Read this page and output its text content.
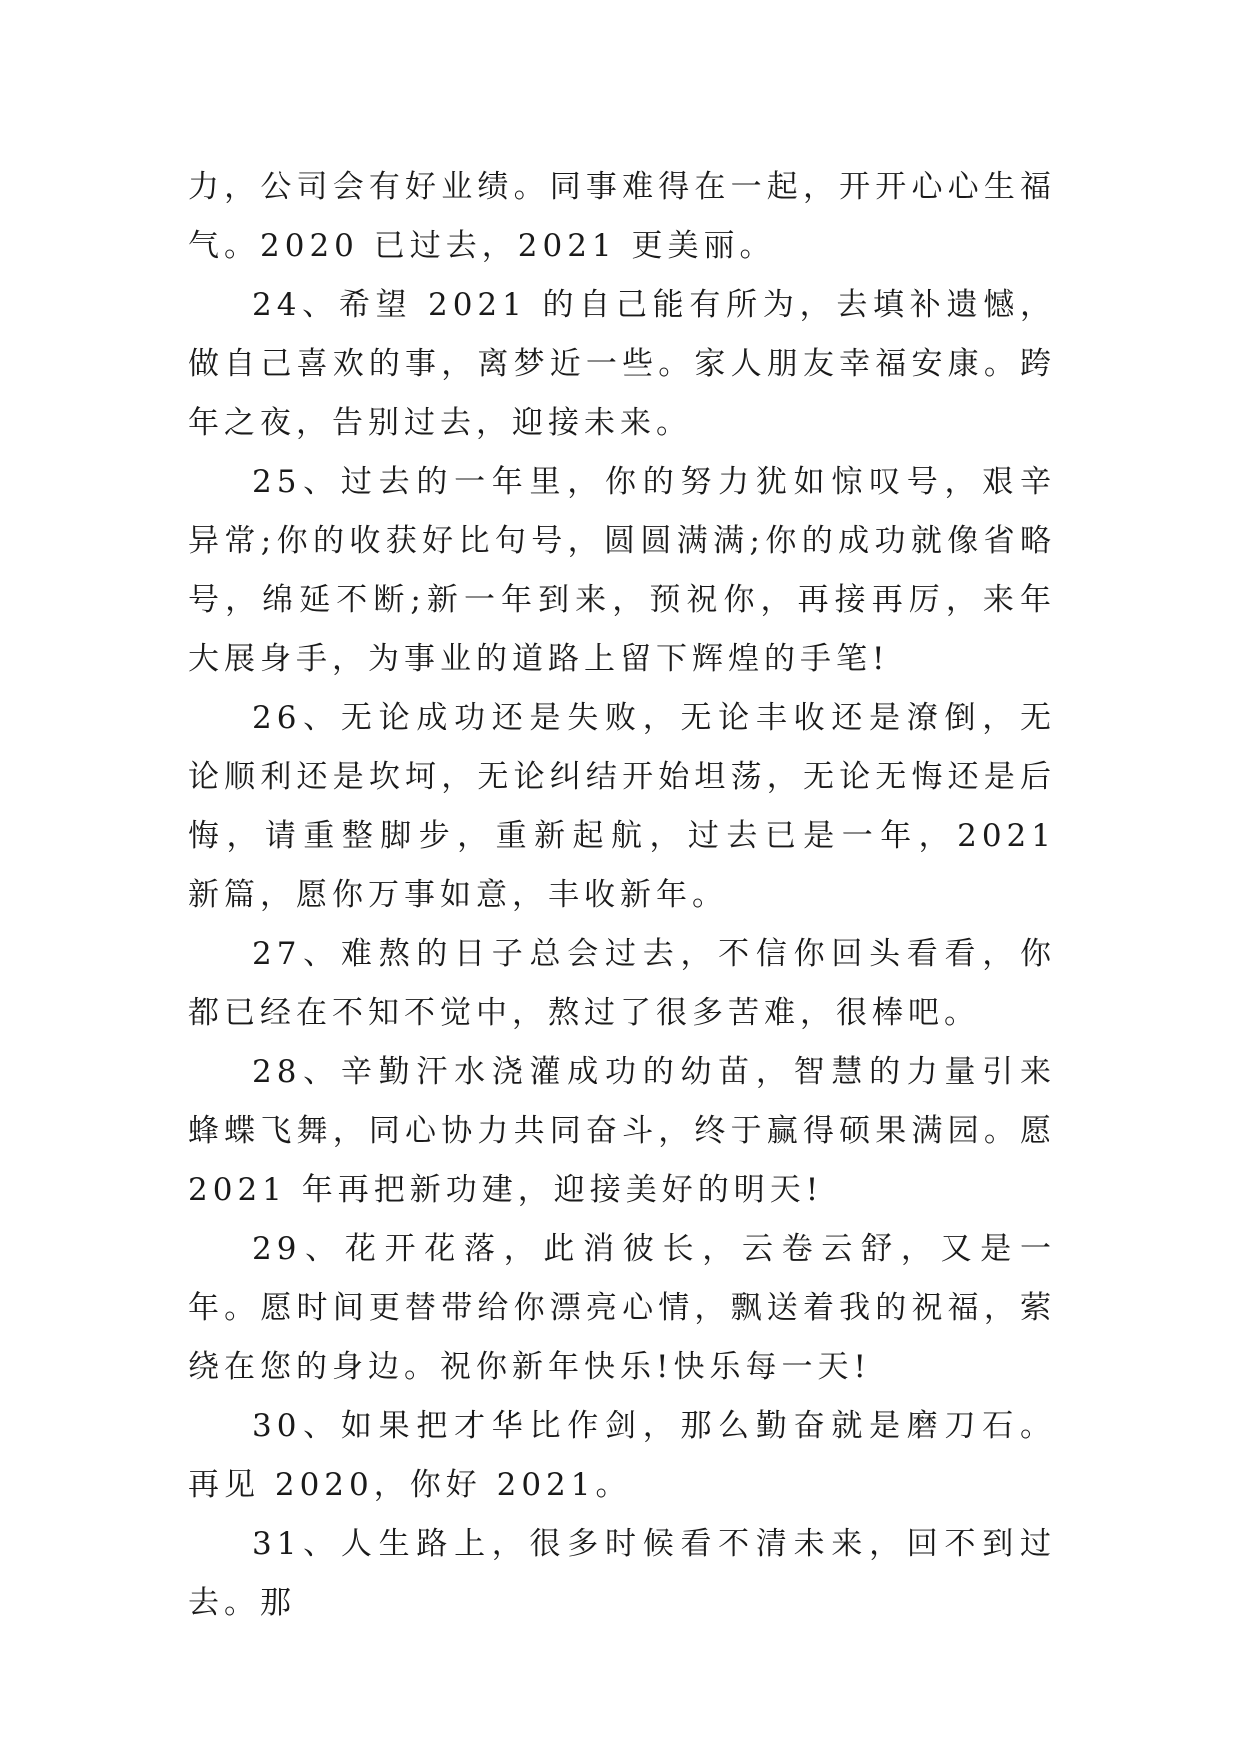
力，公司会有好业绩。同事难得在一起，开开心心生福气。2020 已过去，2021 更美丽。

24、希望 2021 的自己能有所为，去填补遗憾，做自己喜欢的事，离梦近一些。家人朋友幸福安康。跨年之夜，告别过去，迎接未来。

25、过去的一年里，你的努力犹如惊叹号，艰辛异常;你的收获好比句号，圆圆满满;你的成功就像省略号，绵延不断;新一年到来，预祝你，再接再厉，来年大展身手，为事业的道路上留下辉煌的手笔!

26、无论成功还是失败，无论丰收还是潦倒，无论顺利还是坎坷，无论纠结开始坦荡，无论无悔还是后悔，请重整脚步，重新起航，过去已是一年，2021 新篇，愿你万事如意，丰收新年。

27、难熬的日子总会过去，不信你回头看看，你都已经在不知不觉中，熬过了很多苦难，很棒吧。

28、辛勤汗水浇灌成功的幼苗，智慧的力量引来蜂蝶飞舞，同心协力共同奋斗，终于赢得硕果满园。愿 2021 年再把新功建，迎接美好的明天!

29、花开花落，此消彼长，云卷云舒，又是一年。愿时间更替带给你漂亮心情，飘送着我的祝福，萦绕在您的身边。祝你新年快乐!快乐每一天!

30、如果把才华比作剑，那么勤奋就是磨刀石。再见 2020，你好 2021。

31、人生路上，很多时候看不清未来，回不到过去。那
